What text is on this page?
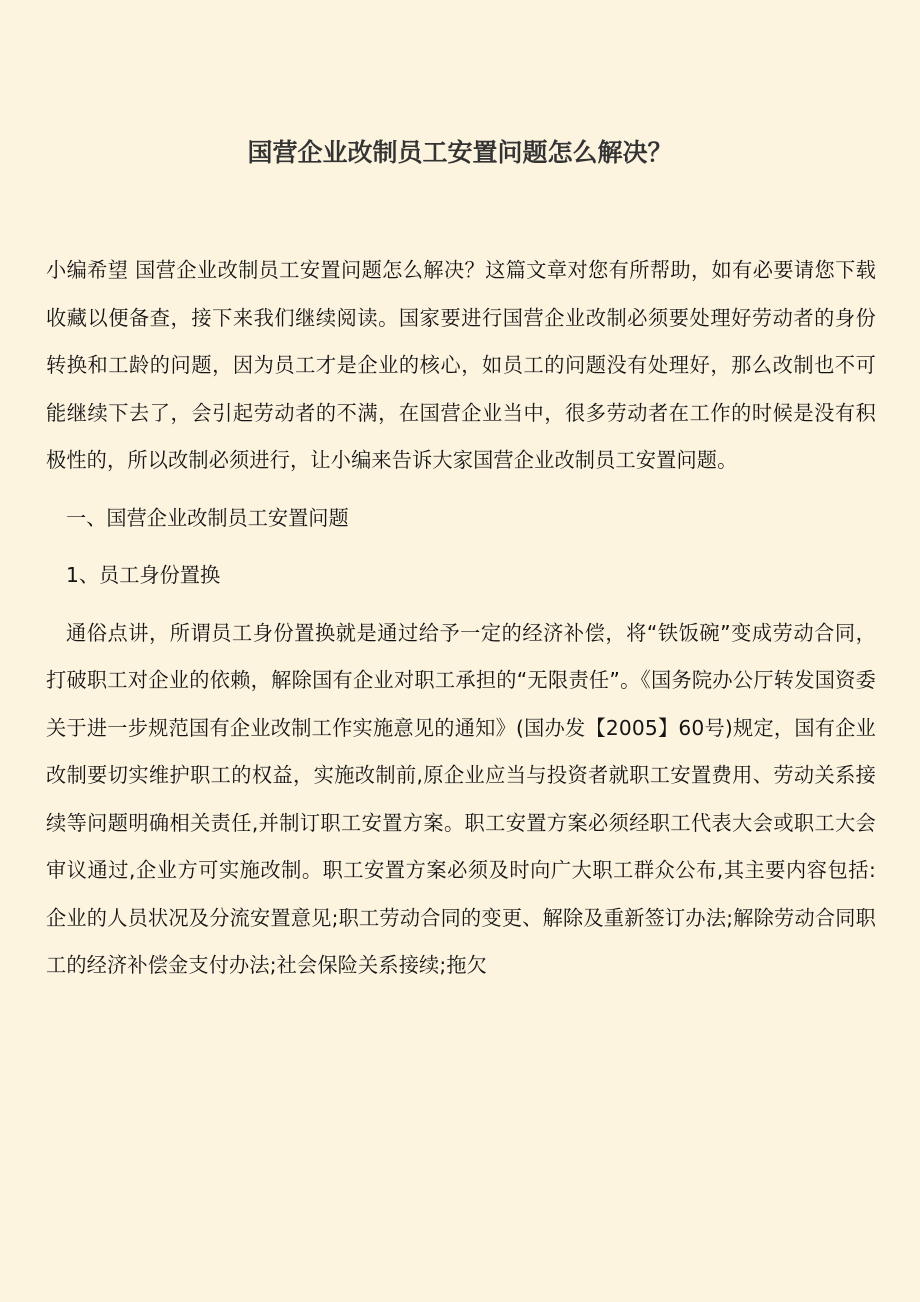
国营企业改制员工安置问题怎么解决？

小编希望 国营企业改制员工安置问题怎么解决？这篇文章对您有所帮助，如有必要请您下载收藏以便备查，接下来我们继续阅读。国家要进行国营企业改制必须要处理好劳动者的身份转换和工龄的问题，因为员工才是企业的核心，如员工的问题没有处理好，那么改制也不可能继续下去了，会引起劳动者的不满，在国营企业当中，很多劳动者在工作的时候是没有积极性的，所以改制必须进行，让小编来告诉大家国营企业改制员工安置问题。

一、国营企业改制员工安置问题

1、员工身份置换

通俗点讲，所谓员工身份置换就是通过给予一定的经济补偿，将“铁饭碗”变成劳动合同，打破职工对企业的依赖，解除国有企业对职工承担的“无限责任”。《国务院办公厅转发国资委关于进一步规范国有企业改制工作实施意见的通知》(国办发【2005】60号)规定，国有企业改制要切实维护职工的权益，实施改制前,原企业应当与投资者就职工安置费用、劳动关系接续等问题明确相关责任,并制订职工安置方案。职工安置方案必须经职工代表大会或职工大会审议通过,企业方可实施改制。职工安置方案必须及时向广大职工群众公布,其主要内容包括:企业的人员状况及分流安置意见;职工劳动合同的变更、解除及重新签订办法;解除劳动合同职工的经济补偿金支付办法;社会保险关系接续;拖欠
